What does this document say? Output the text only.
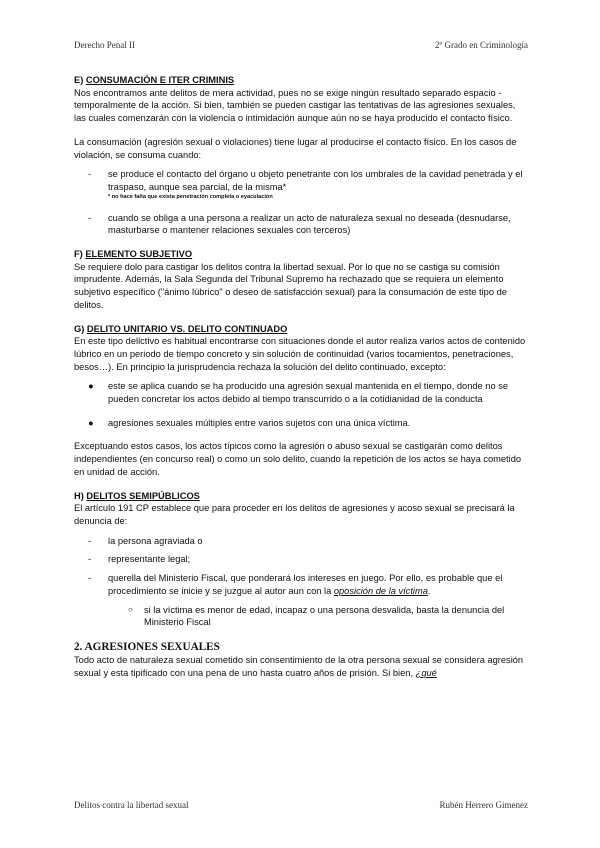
Derecho Penal II	2º Grado en Criminología

E) CONSUMACIÓN E ITER CRIMINIS

Nos encontramos ante delitos de mera actividad, pues no se exige ningún resultado separado espacio - temporalmente de la acción. Si bien, también se pueden castigar las tentativas de las agresiones sexuales, las cuales comenzarán con la violencia o intimidación aunque aún no se haya producido el contacto físico.

La consumación (agresión sexual o violaciones) tiene lugar al producirse el contacto físico. En los casos de violación, se consuma cuando:

- se produce el contacto del órgano u objeto penetrante con los umbrales de la cavidad penetrada y el traspaso, aunque sea parcial, de la misma*

* no hace falta que exista penetración completa o eyaculación

- cuando se obliga a una persona a realizar un acto de naturaleza sexual no deseada (desnudarse, masturbarse o mantener relaciones sexuales con terceros)

F) ELEMENTO SUBJETIVO

Se requiere dolo para castigar los delitos contra la libertad sexual. Por lo que no se castiga su comisión imprudente. Además, la Sala Segunda del Tribunal Supremo ha rechazado que se requiera un elemento subjetivo específico ("ánimo lúbrico" o deseo de satisfacción sexual) para la consumación de este tipo de delitos.

G) DELITO UNITARIO VS. DELITO CONTINUADO

En este tipo delictivo es habitual encontrarse con situaciones donde el autor realiza varios actos de contenido lúbrico en un periodo de tiempo concreto y sin solución de continuidad (varios tocamientos, penetraciones, besos…). En principio la jurisprudencia rechaza la solución del delito continuado, excepto:

● este se aplica cuando se ha producido una agresión sexual mantenida en el tiempo, donde no se pueden concretar los actos debido al tiempo transcurrido o a la cotidianidad de la conducta
● agresiones sexuales múltiples entre varios sujetos con una única víctima.

Exceptuando estos casos, los actos típicos como la agresión o abuso sexual se castigarán como delitos independientes (en concurso real) o como un solo delito, cuando la repetición de los actos se haya cometido en unidad de acción.

H) DELITOS SEMIPÚBLICOS

El artículo 191 CP establece que para proceder en los delitos de agresiones y acoso sexual se precisará la denuncia de:

- la persona agraviada o
- representante legal;
- querella del Ministerio Fiscal, que ponderará los intereses en juego. Por ello, es probable que el procedimiento se inicie y se juzgue al autor aun con la oposición de la víctima.
○ si la víctima es menor de edad, incapaz o una persona desvalida, basta la denuncia del Ministerio Fiscal

2. AGRESIONES SEXUALES

Todo acto de naturaleza sexual cometido sin consentimiento de la otra persona sexual se considera agresión sexual y esta tipificado con una pena de uno hasta cuatro años de prisión. Si bien, ¿qué

Delitos contra la libertad sexual	Rubén Herrero Gimenez
